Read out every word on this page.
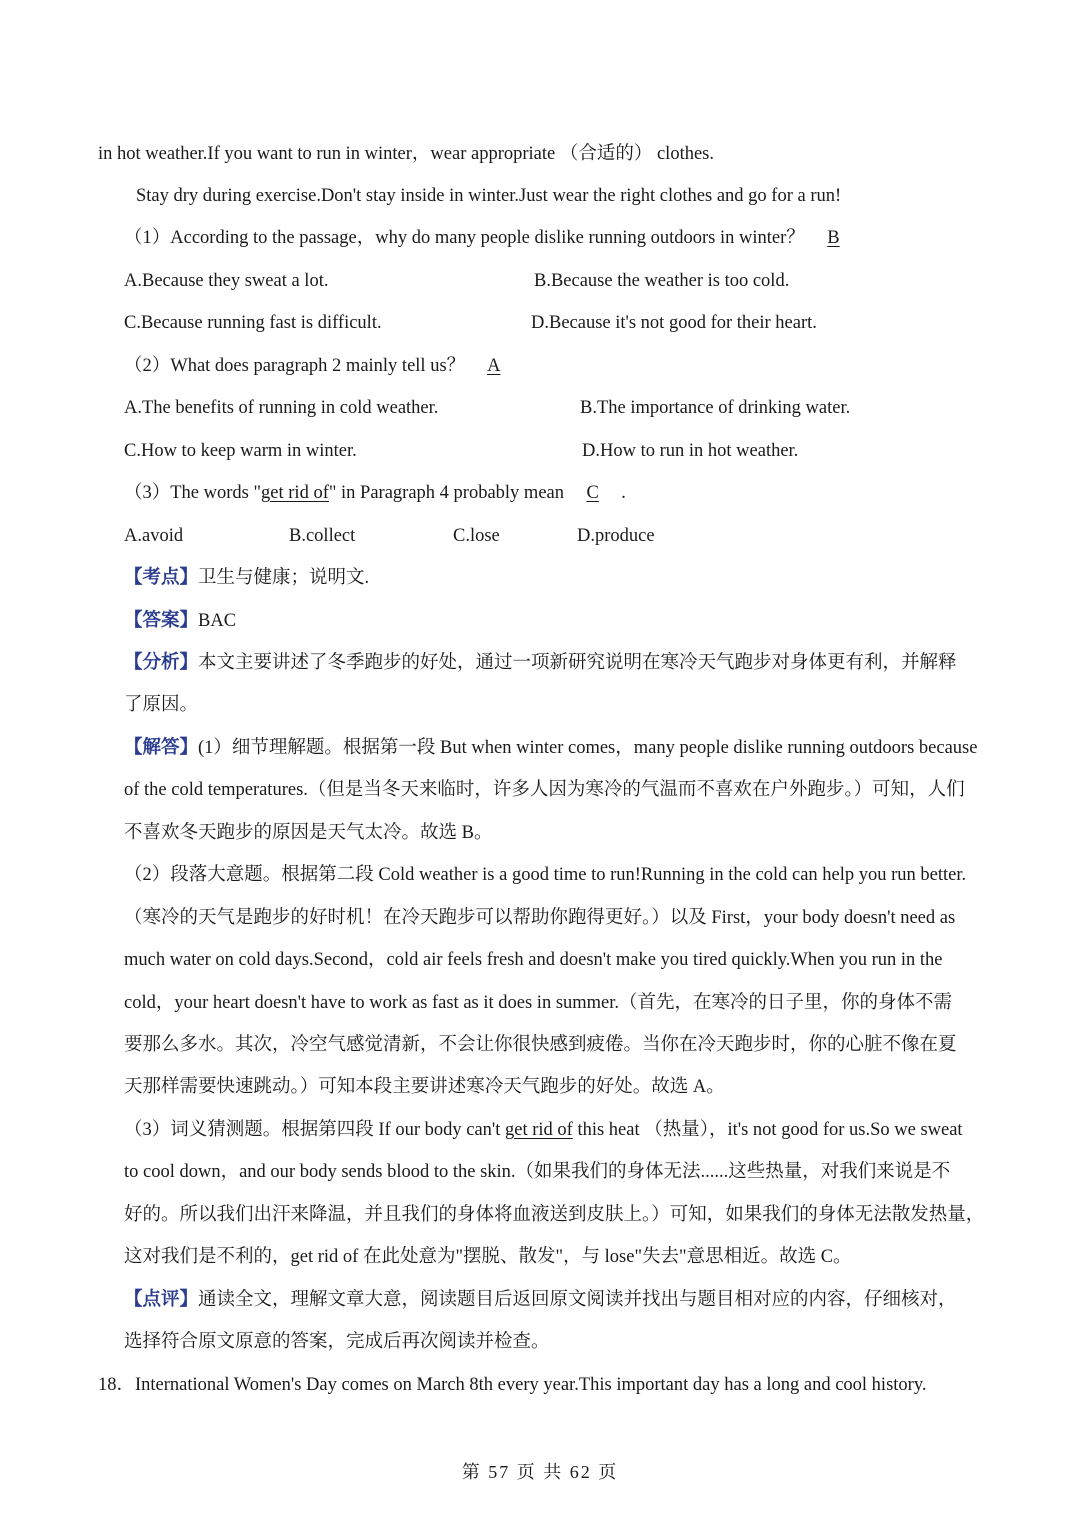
in hot weather.If you want to run in winter，wear appropriate （合适的） clothes.
Stay dry during exercise.Don't stay inside in winter.Just wear the right clothes and go for a run!
（1）According to the passage，why do many people dislike running outdoors in winter？ B
A.Because they sweat a lot.	B.Because the weather is too cold.
C.Because running fast is difficult.	D.Because it's not good for their heart.
（2）What does paragraph 2 mainly tell us？ A
A.The benefits of running in cold weather.	B.The importance of drinking water.
C.How to keep warm in winter.	D.How to run in hot weather.
（3）The words "get rid of" in Paragraph 4 probably mean C .
A.avoid	B.collect	C.lose	D.produce
【考点】卫生与健康；说明文.
【答案】BAC
【分析】本文主要讲述了冬季跑步的好处，通过一项新研究说明在寒冷天气跑步对身体更有利，并解释
了原因。
【解答】(1）细节理解题。根据第一段 But when winter comes，many people dislike running outdoors because
of the cold temperatures.（但是当冬天来临时，许多人因为寒冷的气温而不喜欢在户外跑步。）可知，人们
不喜欢冬天跑步的原因是天气太冷。故选 B。
（2）段落大意题。根据第二段 Cold weather is a good time to run!Running in the cold can help you run better.
（寒冷的天气是跑步的好时机！在冷天跑步可以帮助你跑得更好。）以及 First，your body doesn't need as
much water on cold days.Second，cold air feels fresh and doesn't make you tired quickly.When you run in the
cold，your heart doesn't have to work as fast as it does in summer.（首先，在寒冷的日子里，你的身体不需
要那么多水。其次，冷空气感觉清新，不会让你很快感到疲倦。当你在冷天跑步时，你的心脏不像在夏
天那样需要快速跳动。）可知本段主要讲述寒冷天气跑步的好处。故选 A。
（3）词义猜测题。根据第四段 If our body can't get rid of this heat （热量），it's not good for us.So we sweat
to cool down，and our body sends blood to the skin.（如果我们的身体无法......这些热量，对我们来说是不
好的。所以我们出汗来降温，并且我们的身体将血液送到皮肤上。）可知，如果我们的身体无法散发热量，
这对我们是不利的，get rid of 在此处意为"摆脱、散发"，与 lose"失去"意思相近。故选 C。
【点评】通读全文，理解文章大意，阅读题目后返回原文阅读并找出与题目相对应的内容，仔细核对，
选择符合原文原意的答案，完成后再次阅读并检查。
18．International Women's Day comes on March 8th every year.This important day has a long and cool history.
第 57 页 共 62 页
